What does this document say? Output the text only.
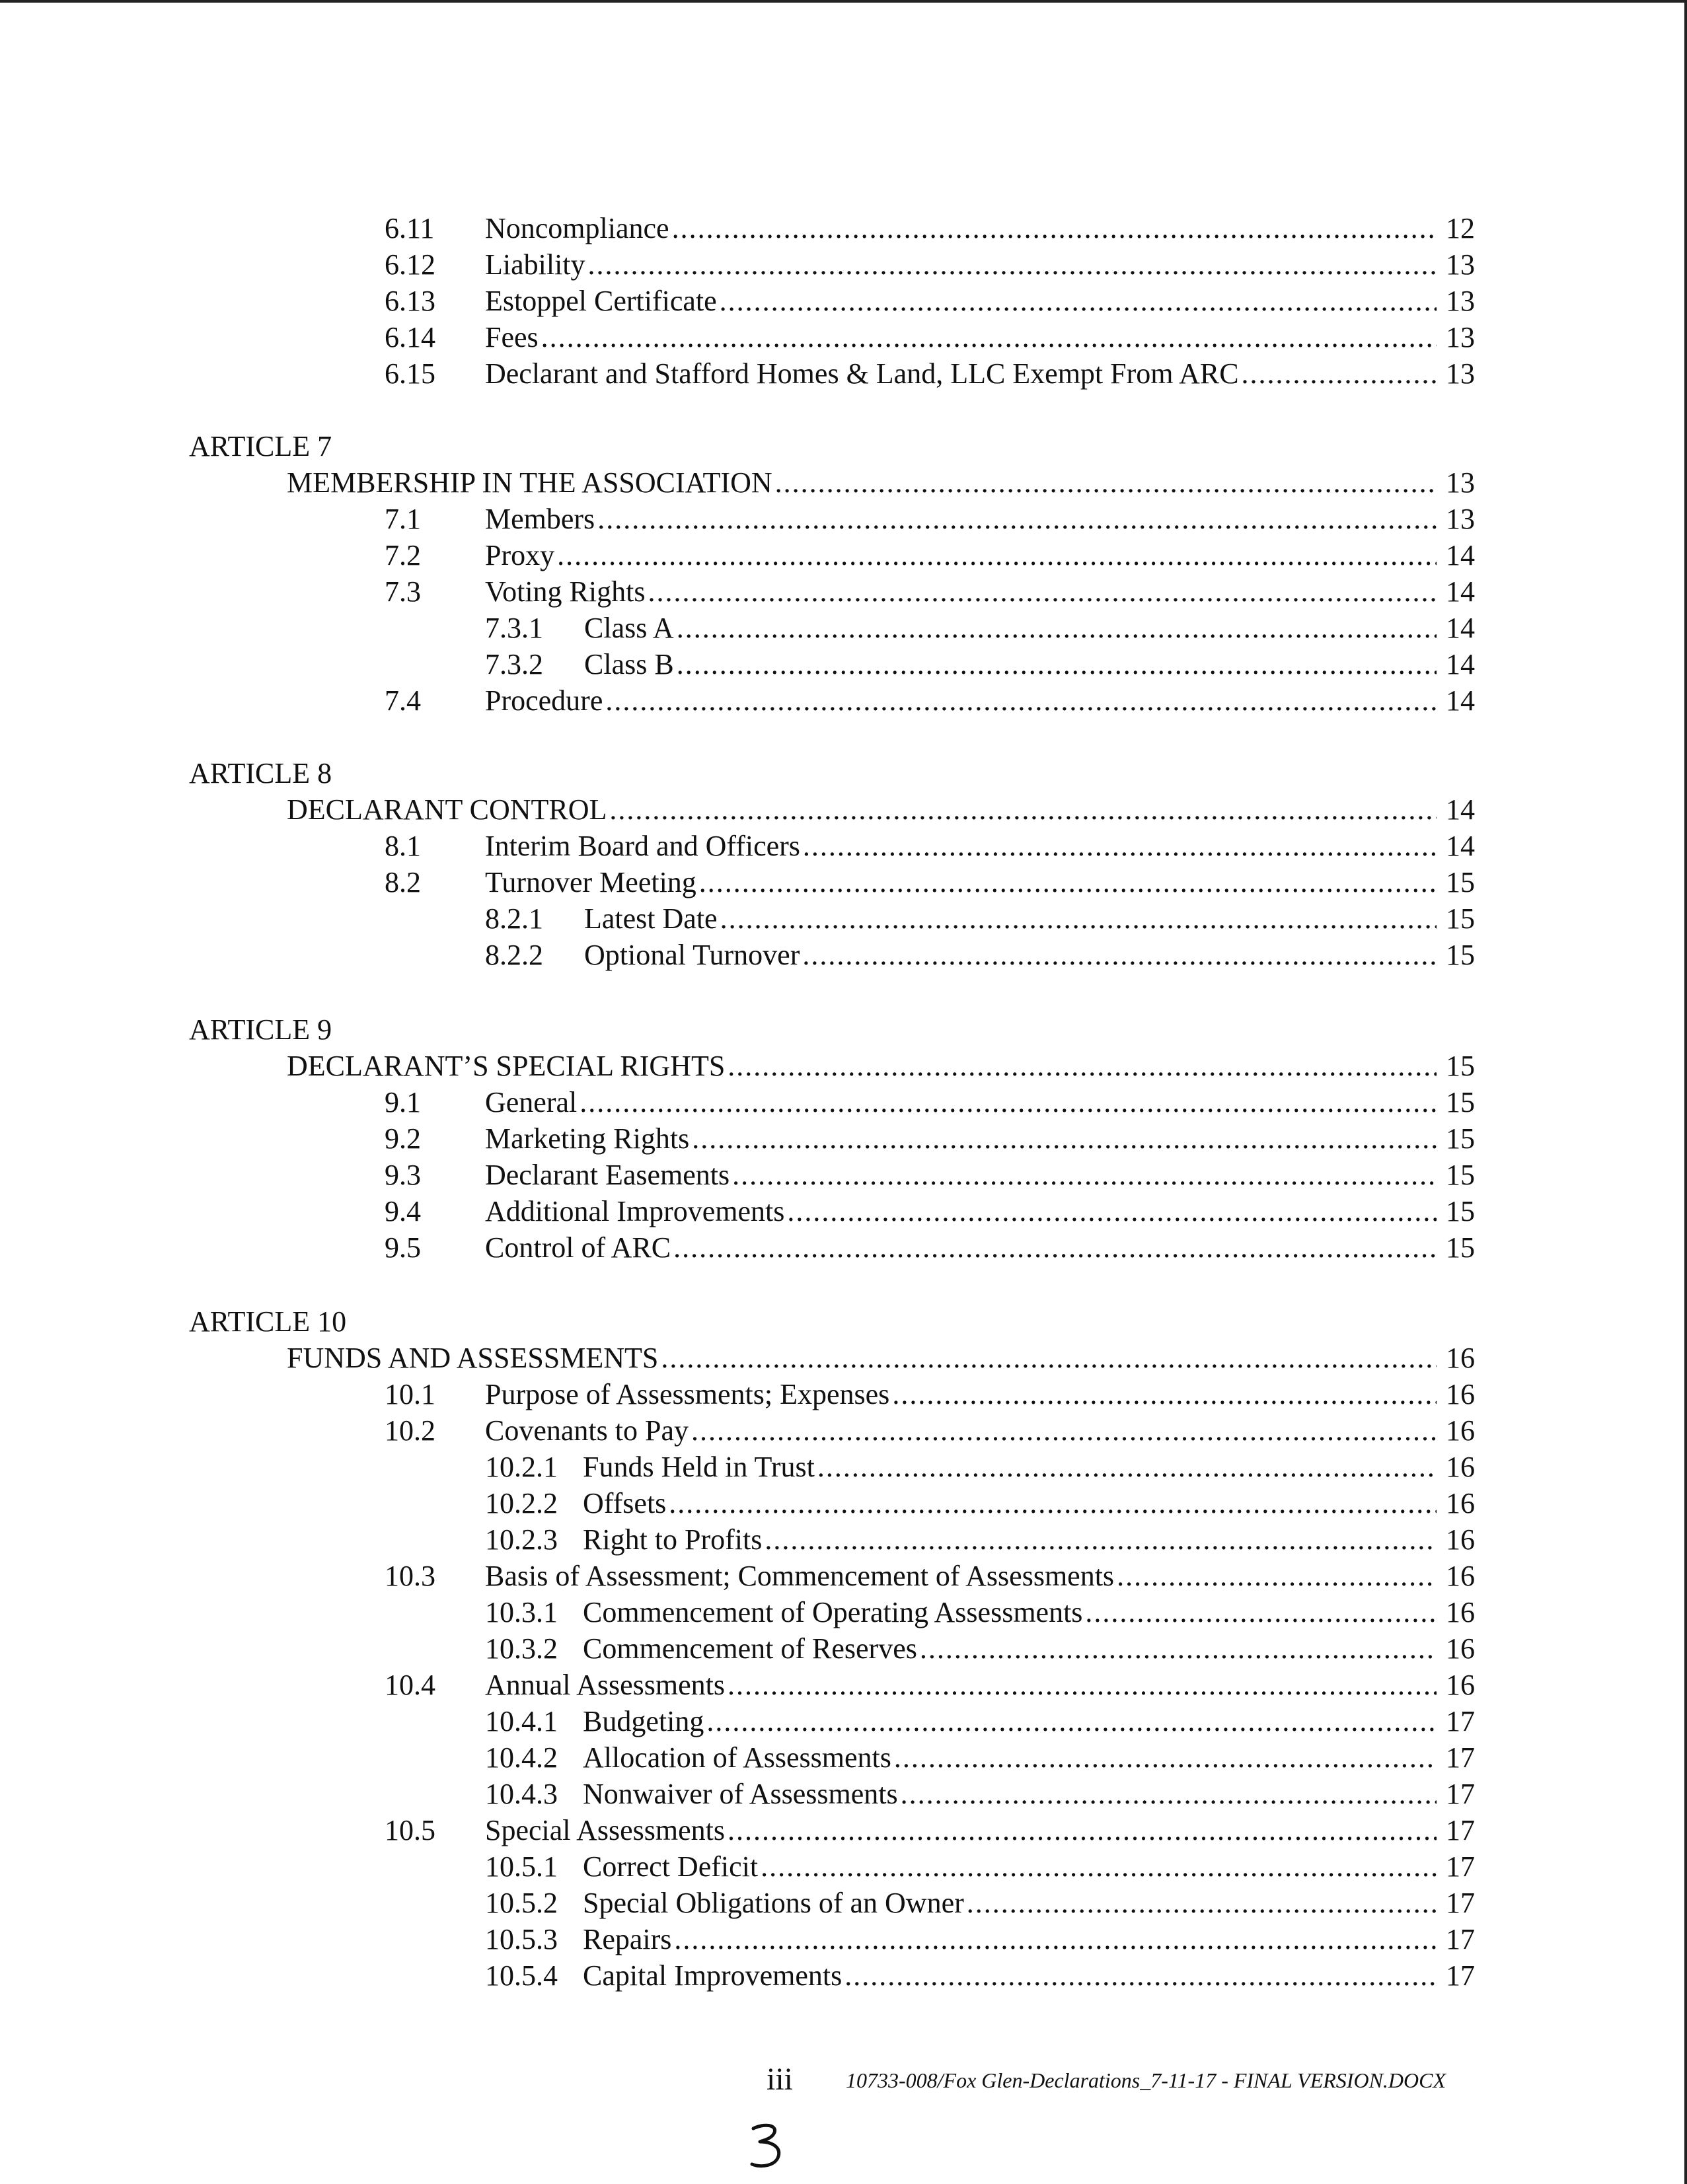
6.11 Noncompliance .....	12
6.12 Liability .....	13
6.13 Estoppel Certificate .....	13
6.14 Fees .....	13
6.15 Declarant and Stafford Homes & Land, LLC Exempt From ARC .....	13
ARTICLE 7
MEMBERSHIP IN THE ASSOCIATION .....	13
7.1 Members .....	13
7.2 Proxy .....	14
7.3 Voting Rights .....	14
7.3.1 Class A .....	14
7.3.2 Class B .....	14
7.4 Procedure .....	14
ARTICLE 8
DECLARANT CONTROL .....	14
8.1 Interim Board and Officers .....	14
8.2 Turnover Meeting .....	15
8.2.1 Latest Date .....	15
8.2.2 Optional Turnover .....	15
ARTICLE 9
DECLARANT’S SPECIAL RIGHTS .....	15
9.1 General .....	15
9.2 Marketing Rights .....	15
9.3 Declarant Easements .....	15
9.4 Additional Improvements .....	15
9.5 Control of ARC .....	15
ARTICLE 10
FUNDS AND ASSESSMENTS .....	16
10.1 Purpose of Assessments; Expenses .....	16
10.2 Covenants to Pay .....	16
10.2.1 Funds Held in Trust .....	16
10.2.2 Offsets .....	16
10.2.3 Right to Profits .....	16
10.3 Basis of Assessment; Commencement of Assessments .....	16
10.3.1 Commencement of Operating Assessments .....	16
10.3.2 Commencement of Reserves .....	16
10.4 Annual Assessments .....	16
10.4.1 Budgeting .....	17
10.4.2 Allocation of Assessments .....	17
10.4.3 Nonwaiver of Assessments .....	17
10.5 Special Assessments .....	17
10.5.1 Correct Deficit .....	17
10.5.2 Special Obligations of an Owner .....	17
10.5.3 Repairs .....	17
10.5.4 Capital Improvements .....	17
iii 10733-008/Fox Glen-Declarations_7-11-17 - FINAL VERSION.DOCX
